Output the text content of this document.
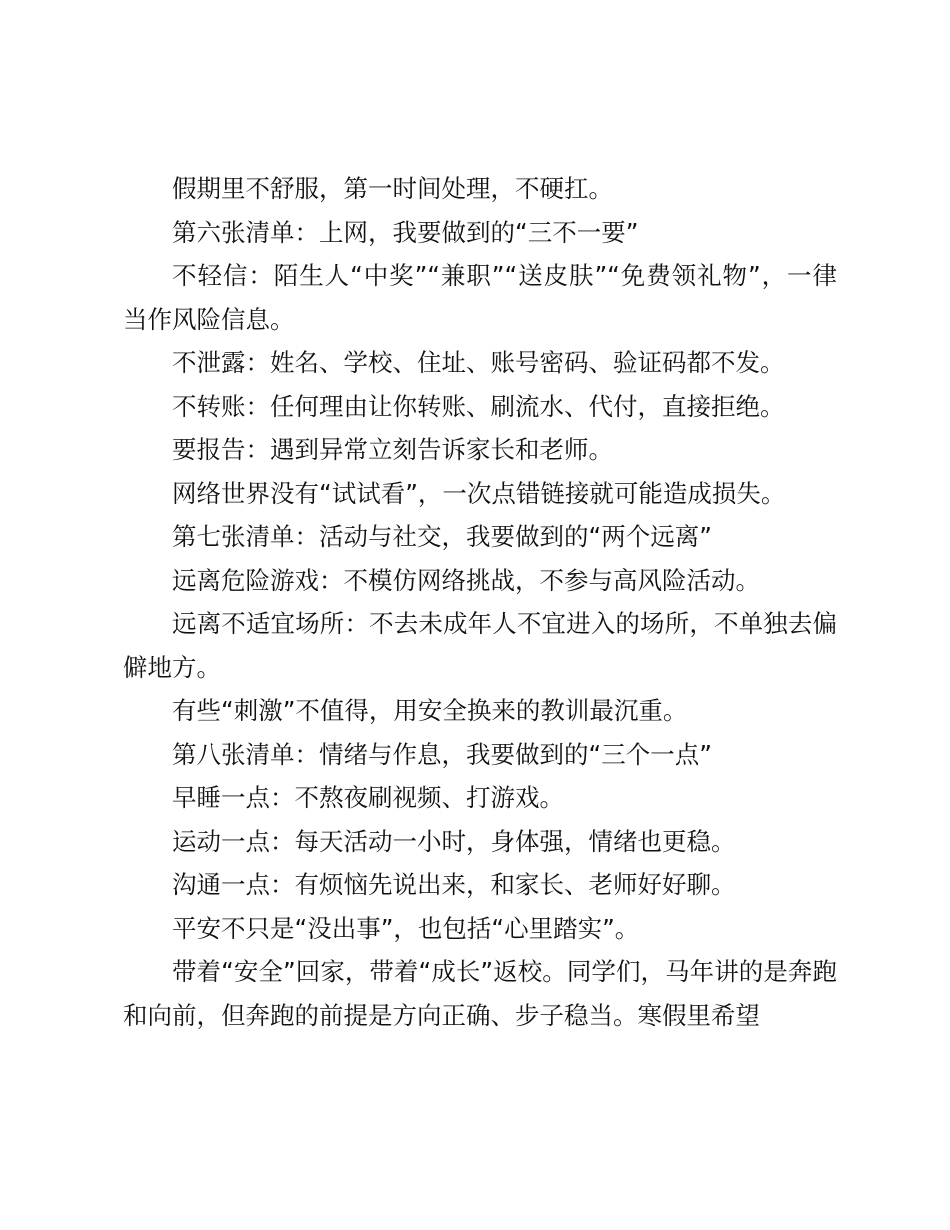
假期里不舒服，第一时间处理，不硬扛。

第六张清单：上网，我要做到的“三不一要”

不轻信：陌生人“中奖”“兼职”“送皮肤”“免费领礼物”，一律当作风险信息。

不泄露：姓名、学校、住址、账号密码、验证码都不发。

不转账：任何理由让你转账、刷流水、代付，直接拒绝。

要报告：遇到异常立刻告诉家长和老师。

网络世界没有“试试看”，一次点错链接就可能造成损失。

第七张清单：活动与社交，我要做到的“两个远离”

远离危险游戏：不模仿网络挑战，不参与高风险活动。

远离不适宜场所：不去未成年人不宜进入的场所，不单独去偏僻地方。

有些“刺激”不值得，用安全换来的教训最沉重。

第八张清单：情绪与作息，我要做到的“三个一点”

早睡一点：不熬夜刷视频、打游戏。

运动一点：每天活动一小时，身体强，情绪也更稳。

沟通一点：有烦恼先说出来，和家长、老师好好聊。

平安不只是“没出事”，也包括“心里踏实”。

带着“安全”回家，带着“成长”返校。同学们，马年讲的是奔跑和向前，但奔跑的前提是方向正确、步子稳当。寒假里希望
